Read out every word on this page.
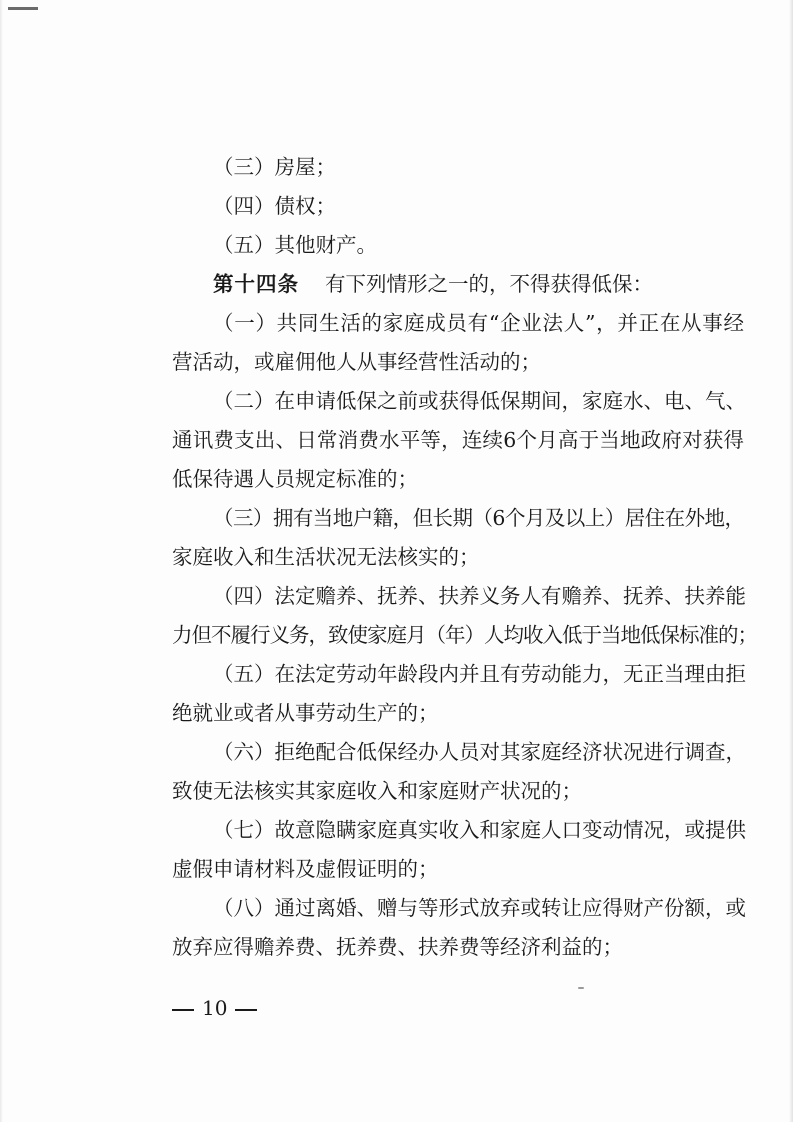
（三）房屋；
（四）债权；
（五）其他财产。
第十四条 有下列情形之一的，不得获得低保：
（一）共同生活的家庭成员有“企业法人”，并正在从事经
营活动，或雇佣他人从事经营性活动的；
（二）在申请低保之前或获得低保期间，家庭水、电、气、
通讯费支出、日常消费水平等，连续6个月高于当地政府对获得
低保待遇人员规定标准的；
（三）拥有当地户籍，但长期（6个月及以上）居住在外地，
家庭收入和生活状况无法核实的；
（四）法定赡养、抚养、扶养义务人有赡养、抚养、扶养能
力但不履行义务，致使家庭月（年）人均收入低于当地低保标准的；
（五）在法定劳动年龄段内并且有劳动能力，无正当理由拒
绝就业或者从事劳动生产的；
（六）拒绝配合低保经办人员对其家庭经济状况进行调查，
致使无法核实其家庭收入和家庭财产状况的；
（七）故意隐瞒家庭真实收入和家庭人口变动情况，或提供
虚假申请材料及虚假证明的；
（八）通过离婚、赠与等形式放弃或转让应得财产份额，或
放弃应得赡养费、抚养费、扶养费等经济利益的；
10
